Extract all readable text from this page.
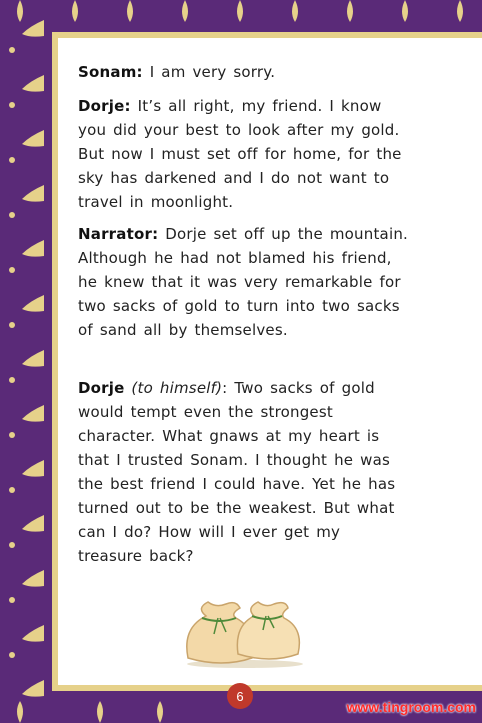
Sonam: I am very sorry.
Dorje: It’s all right, my friend. I know you did your best to look after my gold. But now I must set off for home, for the sky has darkened and I do not want to travel in moonlight.
Narrator: Dorje set off up the mountain. Although he had not blamed his friend, he knew that it was very remarkable for two sacks of gold to turn into two sacks of sand all by themselves.
Dorje (to himself): Two sacks of gold would tempt even the strongest character. What gnaws at my heart is that I trusted Sonam. I thought he was the best friend I could have. Yet he has turned out to be the weakest. But what can I do? How will I ever get my treasure back?
6
www.tingroom.com
